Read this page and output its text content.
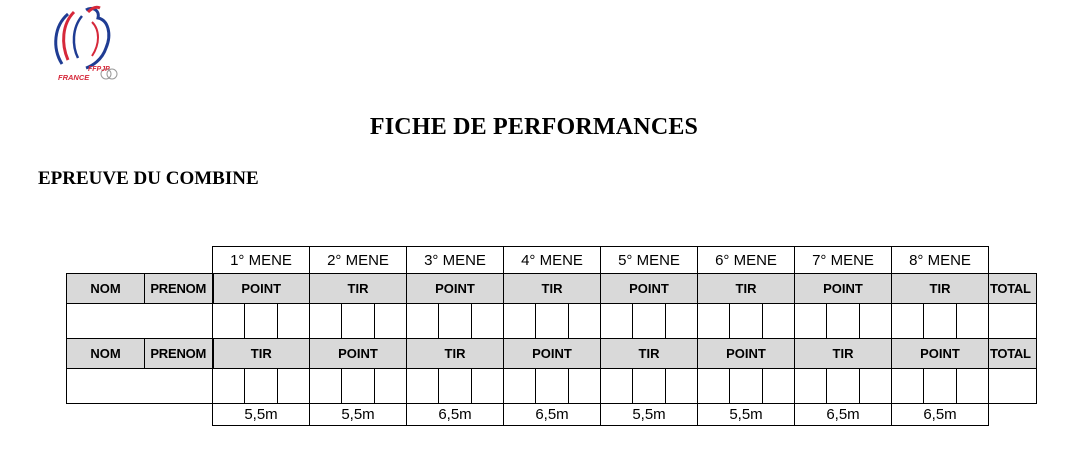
FFPJP
FRANCE
FICHE DE PERFORMANCES
EPREUVE DU COMBINE
		1° MENE			2° MENE			3° MENE			4° MENE			5° MENE			6° MENE			7° MENE			8° MENE			
NOM	PRENOM	POINT			TIR			POINT			TIR			POINT			TIR			POINT			TIR			TOTAL

NOM	PRENOM	TIR			POINT			TIR			POINT			TIR			POINT			TIR			POINT			TOTAL

		5,5m			5,5m			6,5m			6,5m			5,5m			5,5m			6,5m			6,5m			
